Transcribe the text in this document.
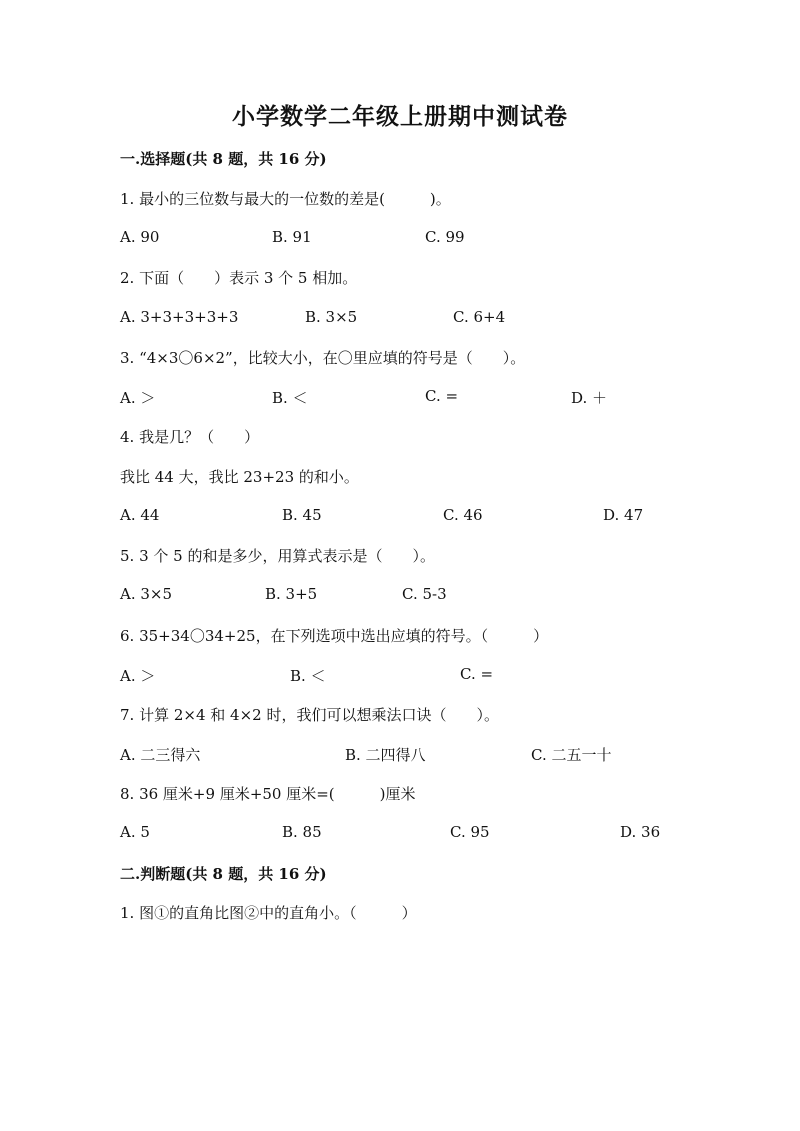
小学数学二年级上册期中测试卷
一.选择题(共 8 题，共 16 分)
1. 最小的三位数与最大的一位数的差是(　　　)。
A. 90	B. 91	C. 99
2. 下面（　　）表示 3 个 5 相加。
A. 3+3+3+3+3	B. 3×5	C. 6+4
3. “4×3〇6×2”，比较大小，在〇里应填的符号是（　　）。
A. ＞	B. ＜	C. =	D. ＋
4. 我是几？（　　）
我比 44 大，我比 23+23 的和小。
A. 44	B. 45	C. 46	D. 47
5. 3 个 5 的和是多少，用算式表示是（　　）。
A. 3×5	B. 3+5	C. 5-3
6. 35+34〇34+25，在下列选项中选出应填的符号。（　　　）
A. ＞	B. ＜	C. =
7. 计算 2×4 和 4×2 时，我们可以想乘法口诀（　　）。
A. 二三得六	B. 二四得八	C. 二五一十
8. 36 厘米+9 厘米+50 厘米=(　　　)厘米
A. 5	B. 85	C. 95	D. 36
二.判断题(共 8 题，共 16 分)
1. 图①的直角比图②中的直角小。（　　　）
